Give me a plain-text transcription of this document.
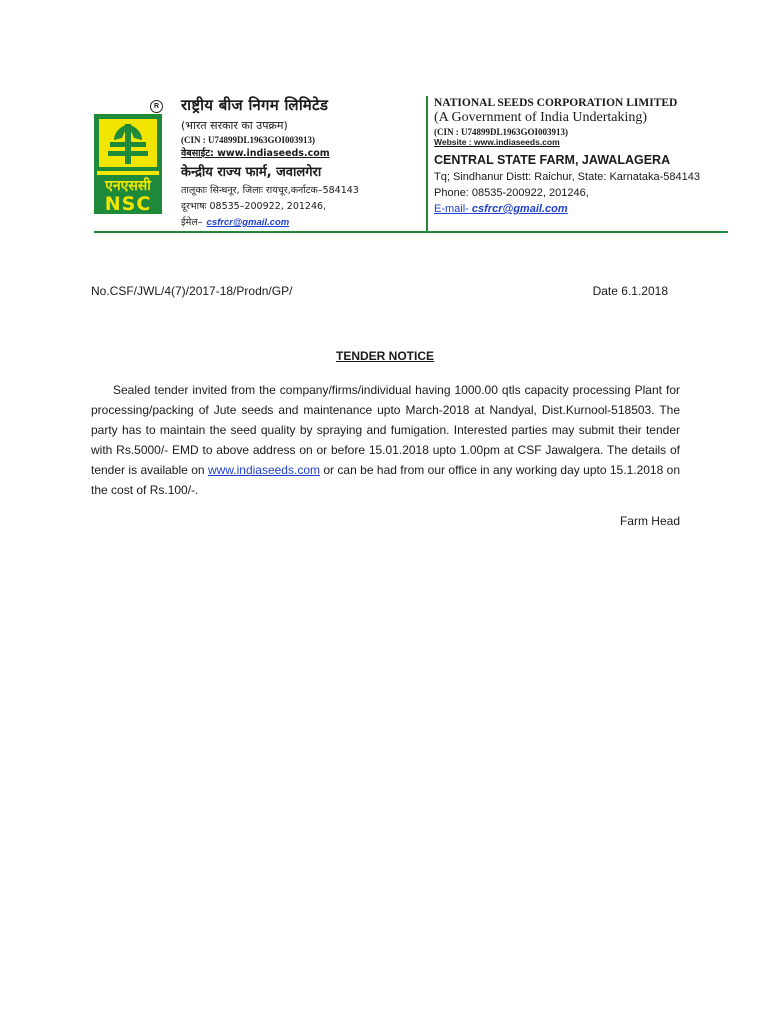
एनएससी
NSC
R राष्ट्रीय बीज निगम लिमिटेड
(भारत सरकार का उपक्रम)
(CIN : U74899DL1963GOI003913)
वेबसाईट: www.indiaseeds.com
केन्द्रीय राज्य फार्म, जवालगेरा
तालूकाः सिन्धनूर, जिलाः रायचूर,कर्नाटक–584143
दूरभाषः 08535–200922, 201246,
ईमेल– csfrcr@gmail.com
NATIONAL SEEDS CORPORATION LIMITED
(A Government of India Undertaking)
(CIN : U74899DL1963GOI003913)
Website : www.indiaseeds.com
CENTRAL STATE FARM, JAWALAGERA
Tq; Sindhanur Distt: Raichur, State: Karnataka-584143
Phone: 08535-200922, 201246,
E-mail- csfrcr@gmail.com
No.CSF/JWL/4(7)/2017-18/Prodn/GP/	Date 6.1.2018
TENDER NOTICE
Sealed tender invited from the company/firms/individual having 1000.00 qtls capacity processing Plant for processing/packing of Jute seeds and maintenance upto March-2018 at Nandyal, Dist.Kurnool-518503. The party has to maintain the seed quality by spraying and fumigation. Interested parties may submit their tender with Rs.5000/- EMD to above address on or before 15.01.2018 upto 1.00pm at CSF Jawalgera. The details of tender is available on www.indiaseeds.com or can be had from our office in any working day upto 15.1.2018 on the cost of Rs.100/-.
Farm Head
